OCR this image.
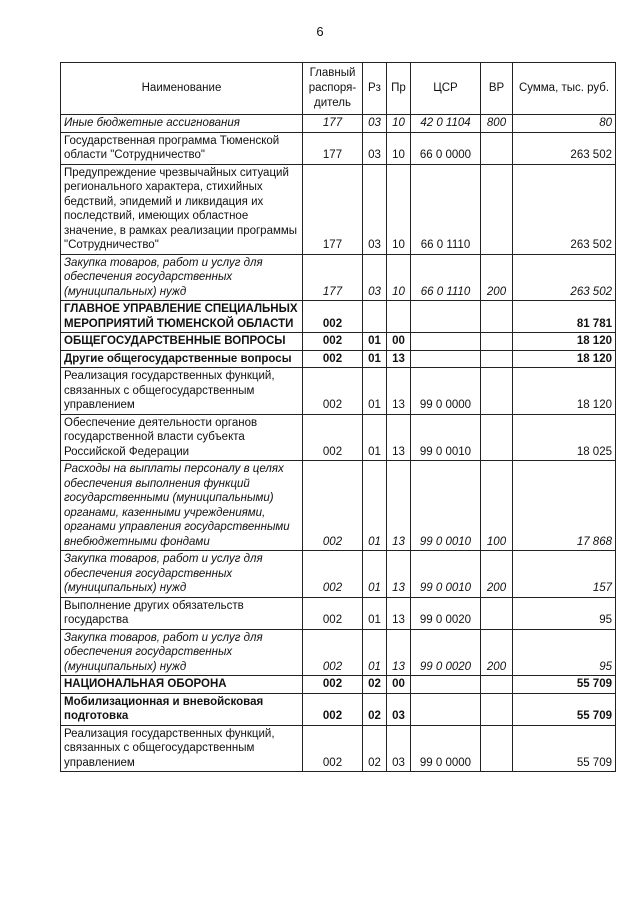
6
Наименование	Главный распоря-дитель	Рз	Пр	ЦСР	ВР	Сумма, тыс. руб.
Иные бюджетные ассигнования	177	03	10	42 0 1104	800	80
Государственная программа Тюменской области "Сотрудничество"	177	03	10	66 0 0000		263 502
Предупреждение чрезвычайных ситуаций регионального характера, стихийных бедствий, эпидемий и ликвидация их последствий, имеющих областное значение, в рамках реализации программы "Сотрудничество"	177	03	10	66 0 1110		263 502
Закупка товаров, работ и услуг для обеспечения государственных (муниципальных) нужд	177	03	10	66 0 1110	200	263 502
ГЛАВНОЕ УПРАВЛЕНИЕ СПЕЦИАЛЬНЫХ МЕРОПРИЯТИЙ ТЮМЕНСКОЙ ОБЛАСТИ	002					81 781
ОБЩЕГОСУДАРСТВЕННЫЕ ВОПРОСЫ	002	01	00			18 120
Другие общегосударственные вопросы	002	01	13			18 120
Реализация государственных функций, связанных с общегосударственным управлением	002	01	13	99 0 0000		18 120
Обеспечение деятельности органов государственной власти субъекта Российской Федерации	002	01	13	99 0 0010		18 025
Расходы на выплаты персоналу в целях обеспечения выполнения функций государственными (муниципальными) органами, казенными учреждениями, органами управления государственными внебюджетными фондами	002	01	13	99 0 0010	100	17 868
Закупка товаров, работ и услуг для обеспечения государственных (муниципальных) нужд	002	01	13	99 0 0010	200	157
Выполнение других обязательств государства	002	01	13	99 0 0020		95
Закупка товаров, работ и услуг для обеспечения государственных (муниципальных) нужд	002	01	13	99 0 0020	200	95
НАЦИОНАЛЬНАЯ ОБОРОНА	002	02	00			55 709
Мобилизационная и вневойсковая подготовка	002	02	03			55 709
Реализация государственных функций, связанных с общегосударственным управлением	002	02	03	99 0 0000		55 709
